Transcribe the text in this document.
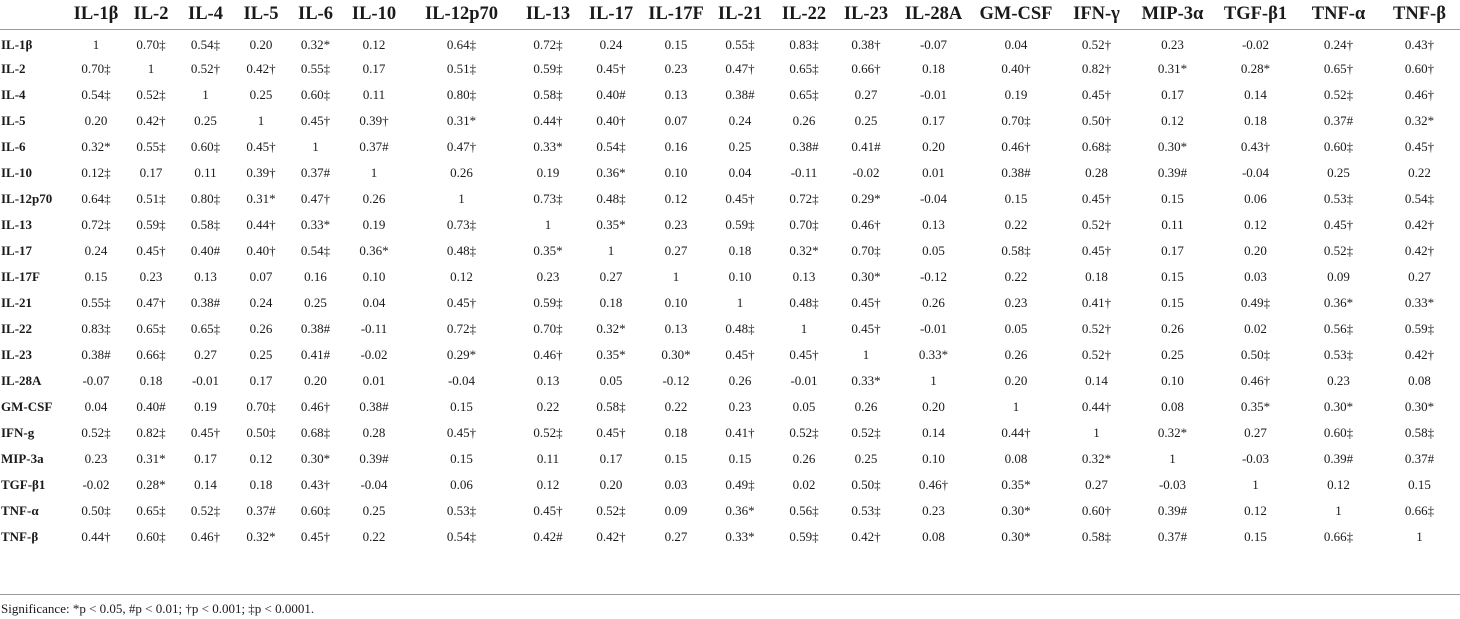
	IL-1β	IL-2	IL-4	IL-5	IL-6	IL-10	IL-12p70	IL-13	IL-17	IL-17F	IL-21	IL-22	IL-23	IL-28A	GM-CSF	IFN-γ	MIP-3α	TGF-β1	TNF-α	TNF-β
IL-1β	1	0.70‡	0.54‡	0.20	0.32*	0.12	0.64‡	0.72‡	0.24	0.15	0.55‡	0.83‡	0.38†	-0.07	0.04	0.52†	0.23	-0.02	0.24†	0.43†
IL-2	0.70‡	1	0.52†	0.42†	0.55‡	0.17	0.51‡	0.59‡	0.45†	0.23	0.47†	0.65‡	0.66†	0.18	0.40†	0.82†	0.31*	0.28*	0.65†	0.60†
IL-4	0.54‡	0.52‡	1	0.25	0.60‡	0.11	0.80‡	0.58‡	0.40#	0.13	0.38#	0.65‡	0.27	-0.01	0.19	0.45†	0.17	0.14	0.52‡	0.46†
IL-5	0.20	0.42†	0.25	1	0.45†	0.39†	0.31*	0.44†	0.40†	0.07	0.24	0.26	0.25	0.17	0.70‡	0.50†	0.12	0.18	0.37#	0.32*
IL-6	0.32*	0.55‡	0.60‡	0.45†	1	0.37#	0.47†	0.33*	0.54‡	0.16	0.25	0.38#	0.41#	0.20	0.46†	0.68‡	0.30*	0.43†	0.60‡	0.45†
IL-10	0.12‡	0.17	0.11	0.39†	0.37#	1	0.26	0.19	0.36*	0.10	0.04	-0.11	-0.02	0.01	0.38#	0.28	0.39#	-0.04	0.25	0.22
IL-12p70	0.64‡	0.51‡	0.80‡	0.31*	0.47†	0.26	1	0.73‡	0.48‡	0.12	0.45†	0.72‡	0.29*	-0.04	0.15	0.45†	0.15	0.06	0.53‡	0.54‡
IL-13	0.72‡	0.59‡	0.58‡	0.44†	0.33*	0.19	0.73‡	1	0.35*	0.23	0.59‡	0.70‡	0.46†	0.13	0.22	0.52†	0.11	0.12	0.45†	0.42†
IL-17	0.24	0.45†	0.40#	0.40†	0.54‡	0.36*	0.48‡	0.35*	1	0.27	0.18	0.32*	0.70‡	0.05	0.58‡	0.45†	0.17	0.20	0.52‡	0.42†
IL-17F	0.15	0.23	0.13	0.07	0.16	0.10	0.12	0.23	0.27	1	0.10	0.13	0.30*	-0.12	0.22	0.18	0.15	0.03	0.09	0.27
IL-21	0.55‡	0.47†	0.38#	0.24	0.25	0.04	0.45†	0.59‡	0.18	0.10	1	0.48‡	0.45†	0.26	0.23	0.41†	0.15	0.49‡	0.36*	0.33*
IL-22	0.83‡	0.65‡	0.65‡	0.26	0.38#	-0.11	0.72‡	0.70‡	0.32*	0.13	0.48‡	1	0.45†	-0.01	0.05	0.52†	0.26	0.02	0.56‡	0.59‡
IL-23	0.38#	0.66‡	0.27	0.25	0.41#	-0.02	0.29*	0.46†	0.35*	0.30*	0.45†	0.45†	1	0.33*	0.26	0.52†	0.25	0.50‡	0.53‡	0.42†
IL-28A	-0.07	0.18	-0.01	0.17	0.20	0.01	-0.04	0.13	0.05	-0.12	0.26	-0.01	0.33*	1	0.20	0.14	0.10	0.46†	0.23	0.08
GM-CSF	0.04	0.40#	0.19	0.70‡	0.46†	0.38#	0.15	0.22	0.58‡	0.22	0.23	0.05	0.26	0.20	1	0.44†	0.08	0.35*	0.30*	0.30*
IFN-g	0.52‡	0.82‡	0.45†	0.50‡	0.68‡	0.28	0.45†	0.52‡	0.45†	0.18	0.41†	0.52‡	0.52‡	0.14	0.44†	1	0.32*	0.27	0.60‡	0.58‡
MIP-3a	0.23	0.31*	0.17	0.12	0.30*	0.39#	0.15	0.11	0.17	0.15	0.15	0.26	0.25	0.10	0.08	0.32*	1	-0.03	0.39#	0.37#
TGF-β1	-0.02	0.28*	0.14	0.18	0.43†	-0.04	0.06	0.12	0.20	0.03	0.49‡	0.02	0.50‡	0.46†	0.35*	0.27	-0.03	1	0.12	0.15
TNF-α	0.50‡	0.65‡	0.52‡	0.37#	0.60‡	0.25	0.53‡	0.45†	0.52‡	0.09	0.36*	0.56‡	0.53‡	0.23	0.30*	0.60†	0.39#	0.12	1	0.66‡
TNF-β	0.44†	0.60‡	0.46†	0.32*	0.45†	0.22	0.54‡	0.42#	0.42†	0.27	0.33*	0.59‡	0.42†	0.08	0.30*	0.58‡	0.37#	0.15	0.66‡	1
Significance: *p < 0.05, #p < 0.01; †p < 0.001; ‡p < 0.0001.
